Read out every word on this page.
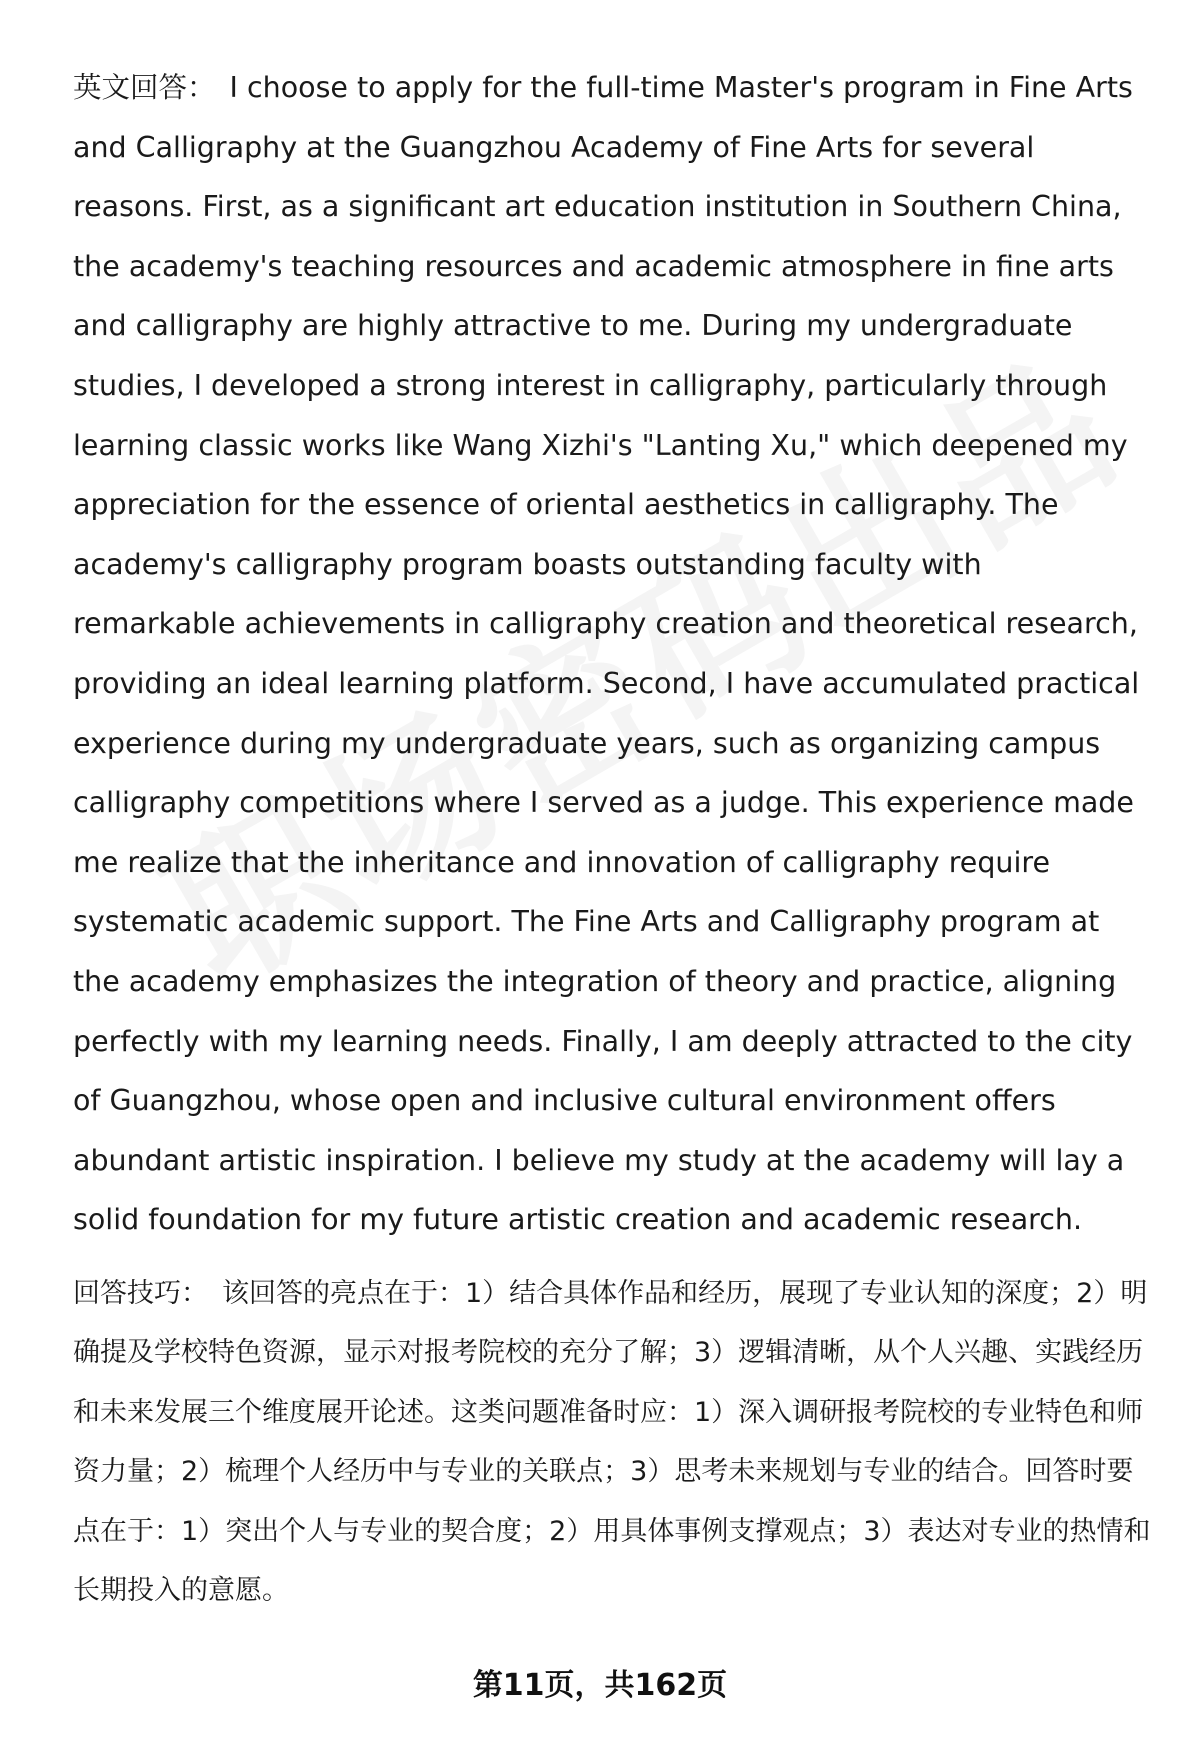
英文回答： I choose to apply for the full-time Master's program in Fine Arts and Calligraphy at the Guangzhou Academy of Fine Arts for several reasons. First, as a significant art education institution in Southern China, the academy's teaching resources and academic atmosphere in fine arts and calligraphy are highly attractive to me. During my undergraduate studies, I developed a strong interest in calligraphy, particularly through learning classic works like Wang Xizhi's "Lanting Xu," which deepened my appreciation for the essence of oriental aesthetics in calligraphy. The academy's calligraphy program boasts outstanding faculty with remarkable achievements in calligraphy creation and theoretical research, providing an ideal learning platform. Second, I have accumulated practical experience during my undergraduate years, such as organizing campus calligraphy competitions where I served as a judge. This experience made me realize that the inheritance and innovation of calligraphy require systematic academic support. The Fine Arts and Calligraphy program at the academy emphasizes the integration of theory and practice, aligning perfectly with my learning needs. Finally, I am deeply attracted to the city of Guangzhou, whose open and inclusive cultural environment offers abundant artistic inspiration. I believe my study at the academy will lay a solid foundation for my future artistic creation and academic research.

回答技巧： 该回答的亮点在于：1）结合具体作品和经历，展现了专业认知的深度；2）明确提及学校特色资源，显示对报考院校的充分了解；3）逻辑清晰，从个人兴趣、实践经历和未来发展三个维度展开论述。这类问题准备时应：1）深入调研报考院校的专业特色和师资力量；2）梳理个人经历中与专业的关联点；3）思考未来规划与专业的结合。回答时要点在于：1）突出个人与专业的契合度；2）用具体事例支撑观点；3）表达对专业的热情和长期投入的意愿。

第11页，共162页
